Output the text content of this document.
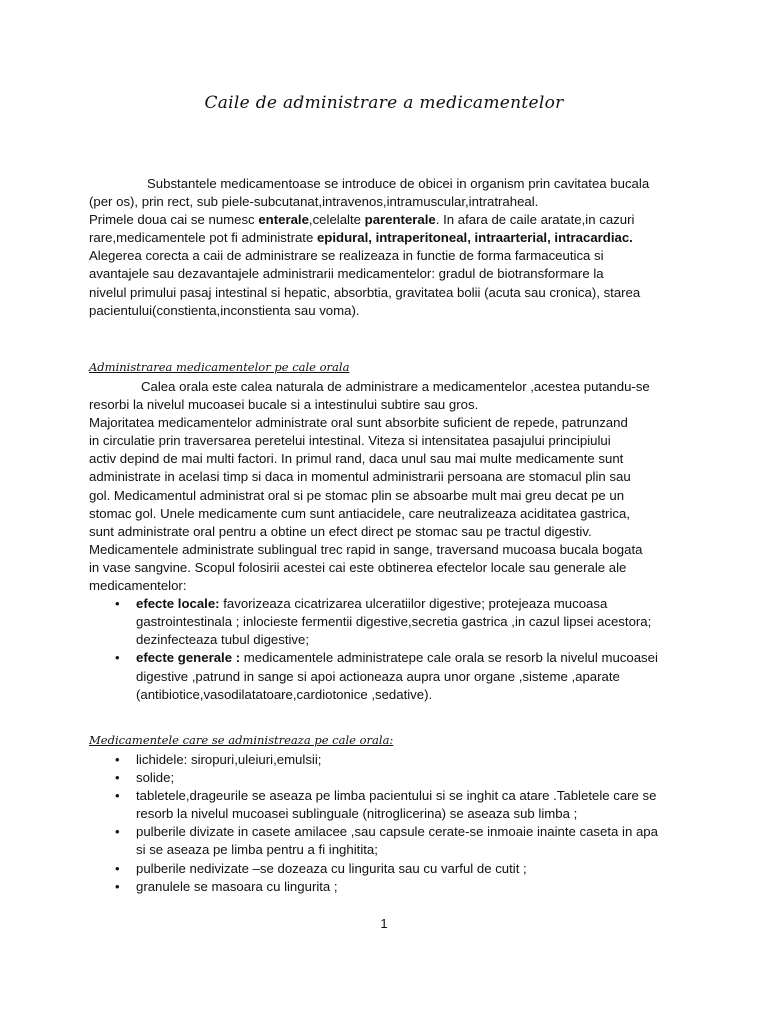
Caile de administrare a medicamentelor
Substantele medicamentoase se introduce de obicei in organism prin cavitatea bucala
(per os), prin rect, sub piele-subcutanat,intravenos,intramuscular,intratraheal.
Primele doua cai se numesc enterale,celelalte parenterale. In afara de caile aratate,in cazuri
rare,medicamentele pot fi administrate epidural, intraperitoneal, intraarterial, intracardiac.
Alegerea corecta a caii de administrare se realizeaza in functie de forma farmaceutica si
avantajele sau dezavantajele administrarii medicamentelor: gradul de biotransformare la
nivelul primului pasaj intestinal si hepatic, absorbtia, gravitatea bolii (acuta sau cronica), starea
pacientului(constienta,inconstienta sau voma).
Administrarea medicamentelor pe cale orala
Calea orala este calea naturala de administrare a medicamentelor ,acestea putandu-se
resorbi la nivelul mucoasei bucale si a intestinului subtire sau gros.
Majoritatea medicamentelor administrate oral sunt absorbite suficient de repede, patrunzand
in circulatie prin traversarea peretelui intestinal. Viteza si intensitatea pasajului principiului
activ depind de mai multi factori. In primul rand, daca unul sau mai multe medicamente sunt
administrate in acelasi timp si daca in momentul administrarii persoana are stomacul plin sau
gol. Medicamentul administrat oral si pe stomac plin se absoarbe mult mai greu decat pe un
stomac gol. Unele medicamente cum sunt antiacidele, care neutralizeaza aciditatea gastrica,
sunt administrate oral pentru a obtine un efect direct pe stomac sau pe tractul digestiv.
Medicamentele administrate sublingual trec rapid in sange, traversand mucoasa bucala bogata
in vase sangvine. Scopul folosirii acestei cai este obtinerea efectelor locale sau generale ale
medicamentelor:
• efecte locale: favorizeaza cicatrizarea ulceratiilor digestive; protejeaza mucoasa
gastrointestinala ; inlocieste fermentii digestive,secretia gastrica ,in cazul lipsei acestora;
dezinfecteaza tubul digestive;
• efecte generale : medicamentele administratepe cale orala se resorb la nivelul mucoasei
digestive ,patrund in sange si apoi actioneaza aupra unor organe ,sisteme ,aparate
(antibiotice,vasodilatatoare,cardiotonice ,sedative).
Medicamentele care se administreaza pe cale orala:
• lichidele: siropuri,uleiuri,emulsii;
• solide;
• tabletele,drageurile se aseaza pe limba pacientului si se inghit ca atare .Tabletele care se
resorb la nivelul mucoasei sublinguale (nitroglicerina) se aseaza sub limba ;
• pulberile divizate in casete amilacee ,sau capsule cerate-se inmoaie inainte caseta in apa
si se aseaza pe limba pentru a fi inghitita;
• pulberile nedivizate –se dozeaza cu lingurita sau cu varful de cutit ;
• granulele se masoara cu lingurita ;
1
